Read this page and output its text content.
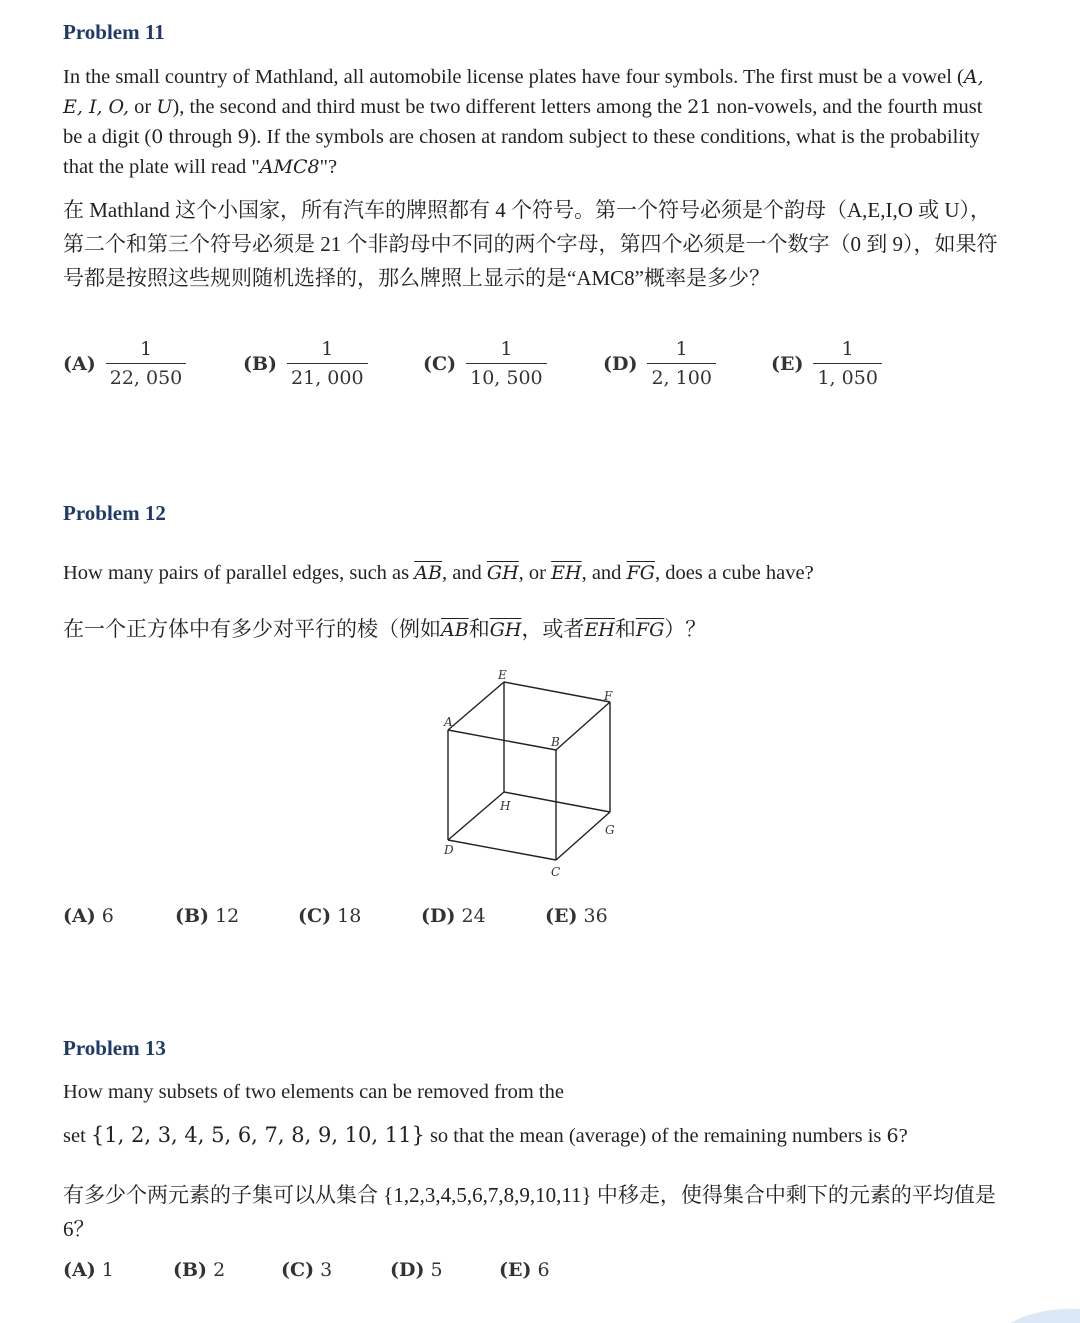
Problem 11
In the small country of Mathland, all automobile license plates have four symbols. The first must be a vowel (A, E, I, O, or U), the second and third must be two different letters among the 21 non-vowels, and the fourth must be a digit (0 through 9). If the symbols are chosen at random subject to these conditions, what is the probability that the plate will read "AMC8"?
在 Mathland 这个小国家，所有汽车的牌照都有 4 个符号。第一个符号必须是个韵母（A,E,I,O 或 U），第二个和第三个符号必须是 21 个非韵母中不同的两个字母，第四个必须是一个数字（0 到 9），如果符号都是按照这些规则随机选择的，那么牌照上显示的是“AMC8”概率是多少？
$(A) \frac{1}{22, 050}$	$(B) \frac{1}{21, 000}$	$(C) \frac{1}{10, 500}$	$(D) \frac{1}{2, 100}$	$(E) \frac{1}{1, 050}$
Problem 12
How many pairs of parallel edges, such as $\overline{AB}$, and $\overline{GH}$, or $\overline{EH}$, and $\overline{FG}$, does a cube have?
在一个正方体中有多少对平行的棱（例如$\overline{AB}$和$\overline{GH}$，或者$\overline{EH}$和$\overline{FG}$）？
A
E
F
B
H
G
D
C
(A) 6	(B) 12	(C) 18	(D) 24	(E) 36
Problem 13
How many subsets of two elements can be removed from the
set {1, 2, 3, 4, 5, 6, 7, 8, 9, 10, 11} so that the mean (average) of the remaining numbers is 6?
有多少个两元素的子集可以从集合 {1,2,3,4,5,6,7,8,9,10,11} 中移走，使得集合中剩下的元素的平均值是 6？
(A) 1	(B) 2	(C) 3	(D) 5	(E) 6
